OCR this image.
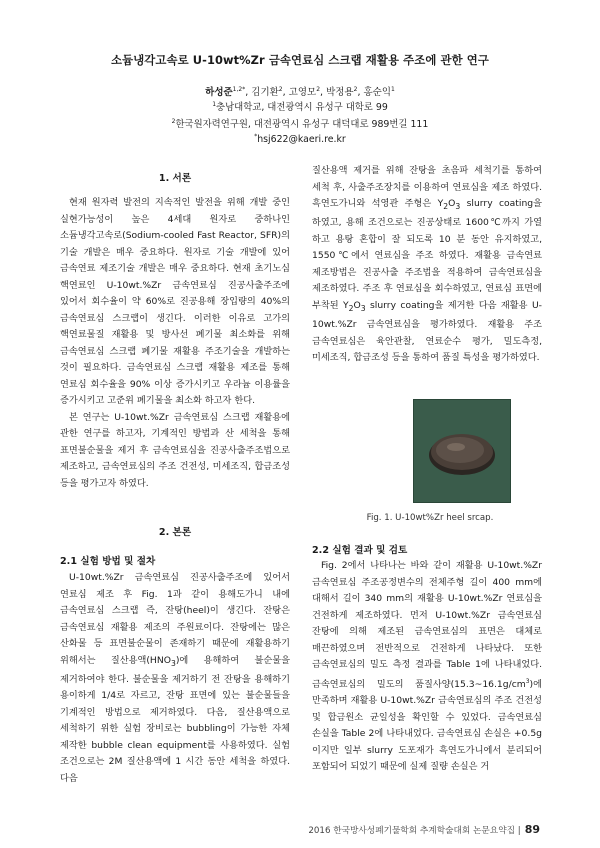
소듐냉각고속로 U-10wt%Zr 금속연료심 스크랩 재활용 주조에 관한 연구
하성준$^{1,2*}$, 김기환$^2$, 고영모$^2$, 박정용$^2$, 홍순익$^1$
$^1$충남대학교, 대전광역시 유성구 대학로 99
$^2$한국원자력연구원, 대전광역시 유성구 대덕대로 989번길 111
*hsj622@kaeri.re.kr
1. 서론

현재 원자력 발전의 지속적인 발전을 위해 개발 중인 실현가능성이 높은 4세대 원자로 중하나인 소듐냉각고속로(Sodium-cooled Fast Reactor, SFR)의 기술 개발은 매우 중요하다. 원자로 기술 개발에 있어 금속연료 제조기술 개발은 매우 중요하다. 현재 초기노심 핵연료인 U-10wt.%Zr 금속연료심 진공사출주조에 있어서 회수율이 약 60%로 진공용해 장입량의 40%의 금속연료심 스크랩이 생긴다. 이러한 이유로 고가의 핵연료물질 재활용 및 방사선 폐기물 최소화를 위해 금속연료심 스크랩 폐기물 재활용 주조기술을 개발하는 것이 필요하다. 금속연료심 스크랩 재활용 제조를 통해 연료심 회수율을 90% 이상 증가시키고 우라늄 이용률을 증가시키고 고준위 폐기물을 최소화 하고자 한다.

본 연구는 U-10wt.%Zr 금속연료심 스크랩 재활용에 관한 연구를 하고자, 기계적인 방법과 산 세척을 통해 표면불순물을 제거 후 금속연료심을 진공사출주조법으로 제조하고, 금속연료심의 주조 건전성, 미세조직, 합금조성 등을 평가고자 하였다.

2. 본론
2.1 실험 방법 및 절차

U-10wt.%Zr 금속연료심 진공사출주조에 있어서 연료심 제조 후 Fig. 1과 같이 용해도가니 내에 금속연료심 스크랩 즉, 잔탕(heel)이 생긴다. 잔탕은 금속연료심 재활용 제조의 주원료이다. 잔탕에는 많은 산화물 등 표면불순물이 존재하기 때문에 재활용하기 위해서는 질산용액$(HNO_3)$에 용해하여 불순물을 제거하여야 한다. 불순물을 제거하기 전 잔탕을 용해하기 용이하게 1/4로 자르고, 잔탕 표면에 있는 불순물들을 기계적인 방법으로 제거하였다. 다음, 질산용액으로 세척하기 위한 실험 장비로는 bubbling이 가능한 자체 제작한 bubble clean equipment를 사용하였다. 실험 조건으로는 2M 질산용액에 1 시간 동안 세척을 하였다. 다음

질산용액 제거를 위해 잔탕을 초음파 세척기를 통하여 세척 후, 사출주조장치를 이용하여 연료심을 제조 하였다. 흑연도가니와 석영관 주형은 $Y_2O_3$ slurry coating을 하였고, 용해 조건으로는 진공상태로 1600℃까지 가열 하고 용탕 혼합이 잘 되도록 10 분 동안 유지하였고, 1550℃에서 연료심을 주조 하였다. 재활용 금속연료 제조방법은 진공사출 주조법을 적용하여 금속연료심을 제조하였다. 주조 후 연료심을 회수하였고, 연료심 표면에 부착된 $Y_2O_3$ slurry coating을 제거한 다음 재활용 U-10wt.%Zr 금속연료심을 평가하였다. 재활용 주조 금속연료심은 육안관찰, 연료순수 평가, 밀도측정, 미세조직, 합금조성 등을 통하여 품질 특성을 평가하였다.

Fig. 1. U-10wt%Zr heel srcap.
2.2 실험 결과 및 검토

Fig. 2에서 나타나는 바와 같이 재활용 U-10wt.%Zr 금속연료심 주조공정변수의 전체주형 길이 400 mm에 대해서 길이 340 mm의 재활용 U-10wt.%Zr 연료심을 건전하게 제조하였다. 먼저 U-10wt.%Zr 금속연료심 잔탕에 의해 제조된 금속연료심의 표면은 대체로 매끈하였으며 전반적으로 건전하게 나타났다. 또한 금속연료심의 밀도 측정 결과를 Table 1에 나타내었다. 금속연료심의 밀도의 품질사양$(15.3\sim 16.1g/cm^3)$에 만족하며 재활용 U-10wt.%Zr 금속연료심의 주조 건전성 및 합금원소 균일성을 확인할 수 있었다. 금속연료심 손실을 Table 2에 나타내었다. 금속연료심 손실은 +0.5g 이지만 일부 slurry 도포재가 흑연도가니에서 분리되어 포함되어 되었기 때문에 실제 질량 손실은 거

2016 한국방사성폐기물학회 추계학술대회 논문요약집 | 89
